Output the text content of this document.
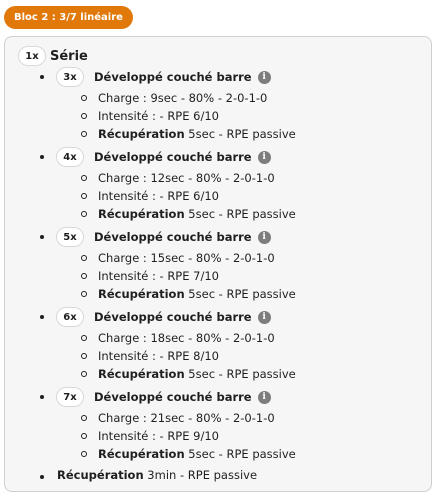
Bloc 2 : 3/7 linéaire
1x Série
3x	Développé couché barre	i
Charge : 9sec - 80% - 2-0-1-0
Intensité : - RPE 6/10
Récupération 5sec - RPE passive
4x	Développé couché barre	i
Charge : 12sec - 80% - 2-0-1-0
Intensité : - RPE 6/10
Récupération 5sec - RPE passive
5x	Développé couché barre	i
Charge : 15sec - 80% - 2-0-1-0
Intensité : - RPE 7/10
Récupération 5sec - RPE passive
6x	Développé couché barre	i
Charge : 18sec - 80% - 2-0-1-0
Intensité : - RPE 8/10
Récupération 5sec - RPE passive
7x	Développé couché barre	i
Charge : 21sec - 80% - 2-0-1-0
Intensité : - RPE 9/10
Récupération 5sec - RPE passive
Récupération 3min - RPE passive
